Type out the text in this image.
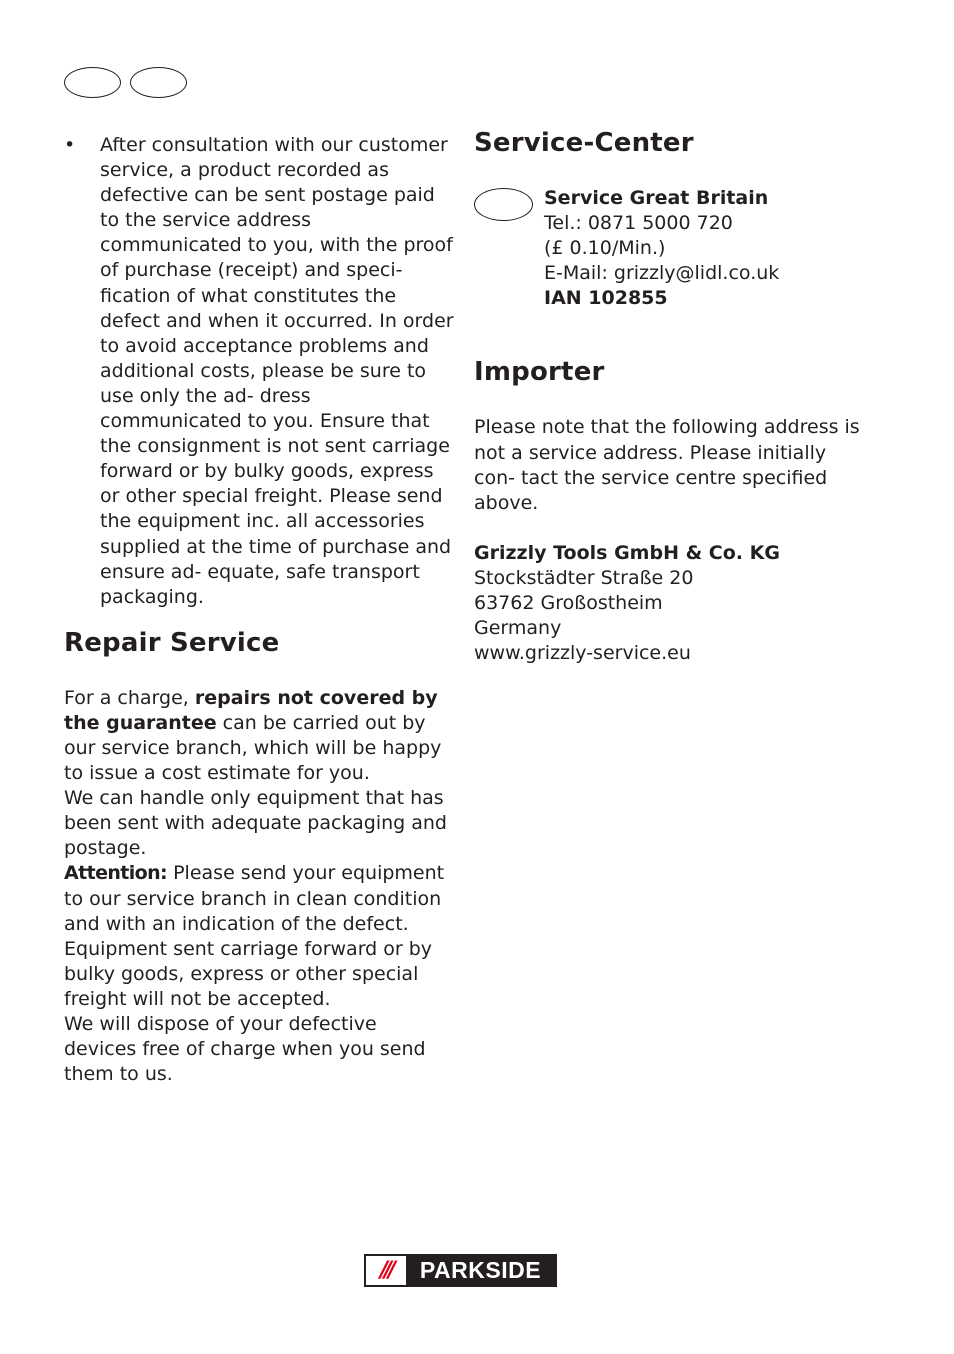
• After consultation with our customer service, a product recorded as defective can be sent postage paid to the service address communicated to you, with the proof of purchase (receipt) and speci- fication of what constitutes the defect and when it occurred. In order to avoid acceptance problems and additional costs, please be sure to use only the ad- dress communicated to you. Ensure that the consignment is not sent carriage forward or by bulky goods, express or other special freight. Please send the equipment inc. all accessories supplied at the time of purchase and ensure ad- equate, safe transport packaging.
Repair Service

For a charge, repairs not covered by the guarantee can be carried out by our service branch, which will be happy to issue a cost estimate for you.

We can handle only equipment that has been sent with adequate packaging and postage.

Attention: Please send your equipment to our service branch in clean condition and with an indication of the defect.

Equipment sent carriage forward or by bulky goods, express or other special freight will not be accepted.

We will dispose of your defective devices free of charge when you send them to us.

Service-Center
Service Great Britain
Tel.: 0871 5000 720
(£ 0.10/Min.)
E-Mail: grizzly@lidl.co.uk
IAN 102855
Importer

Please note that the following address is not a service address. Please initially con- tact the service centre specified above.

Grizzly Tools GmbH & Co. KG
Stockstädter Straße 20
63762 Großostheim
Germany
www.grizzly-service.eu
///	PARKSIDE
